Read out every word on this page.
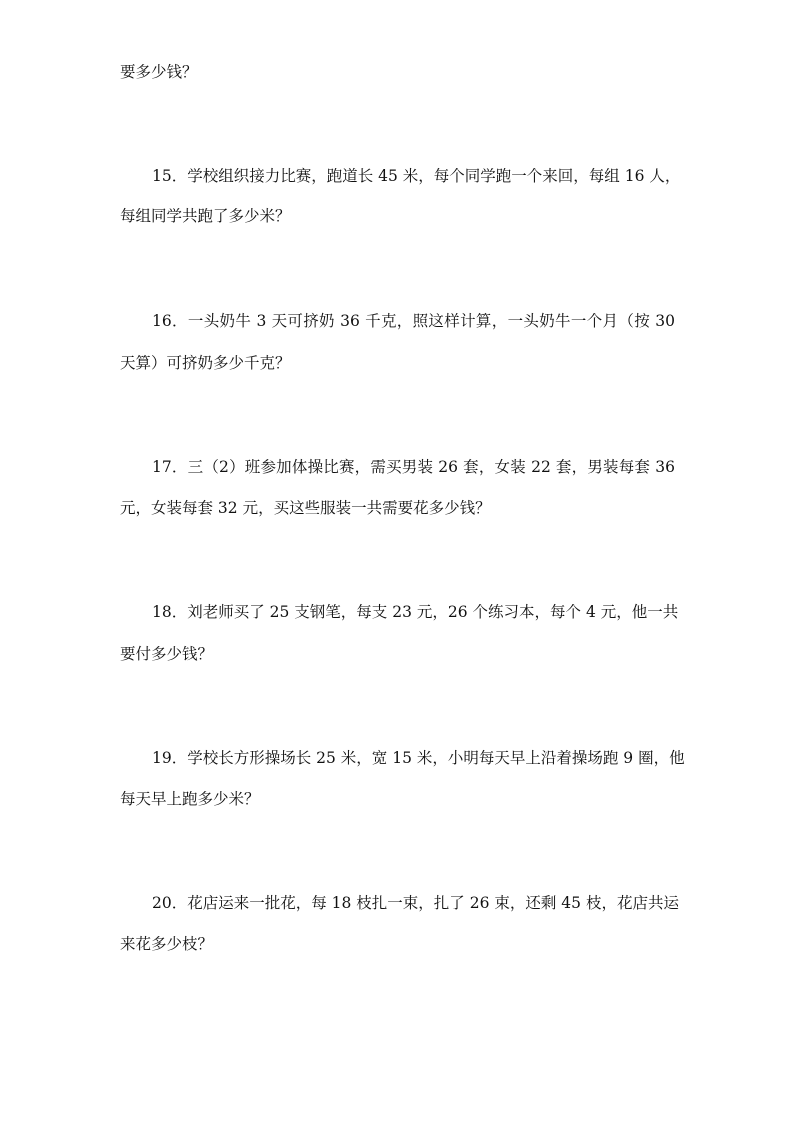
要多少钱？
15．学校组织接力比赛，跑道长 45 米，每个同学跑一个来回，每组 16 人，
每组同学共跑了多少米？
16．一头奶牛 3 天可挤奶 36 千克，照这样计算，一头奶牛一个月（按 30
天算）可挤奶多少千克？
17．三（2）班参加体操比赛，需买男装 26 套，女装 22 套，男装每套 36
元，女装每套 32 元，买这些服装一共需要花多少钱？
18．刘老师买了 25 支钢笔，每支 23 元，26 个练习本，每个 4 元，他一共
要付多少钱？
19．学校长方形操场长 25 米，宽 15 米，小明每天早上沿着操场跑 9 圈，他
每天早上跑多少米？
20．花店运来一批花，每 18 枝扎一束，扎了 26 束，还剩 45 枝，花店共运
来花多少枝？
